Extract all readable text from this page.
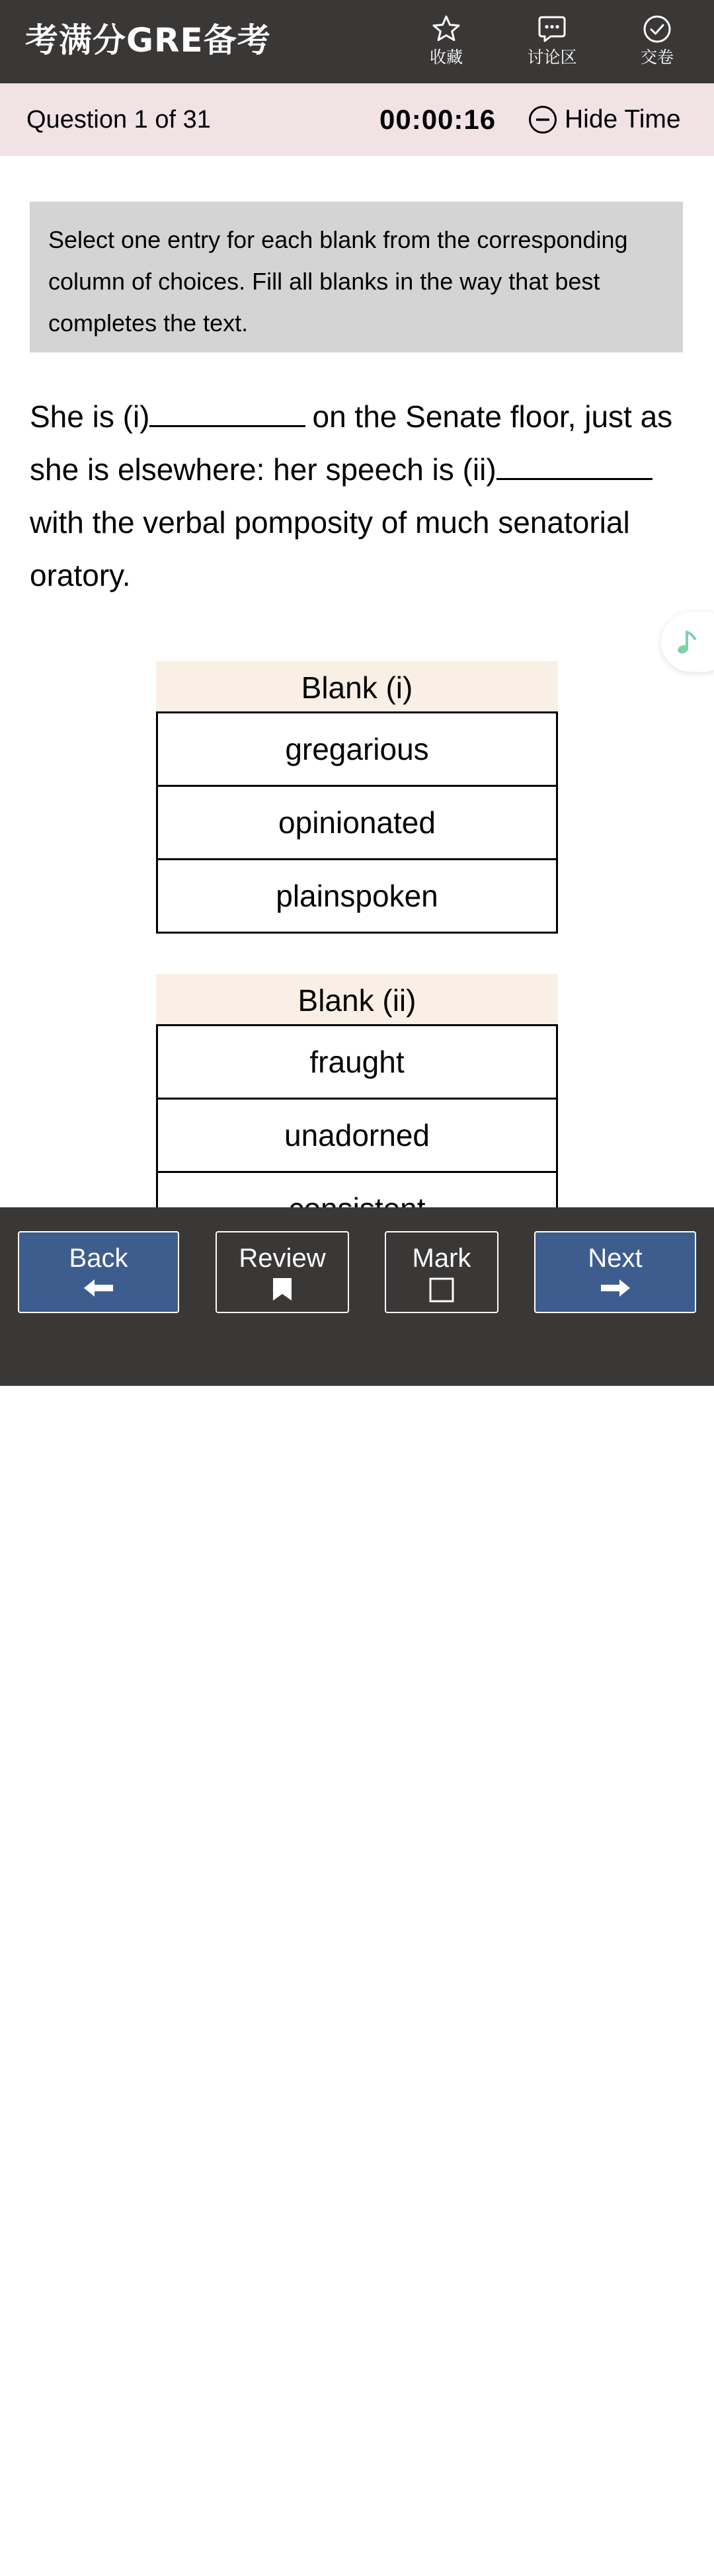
考满分GRE备考	收藏	讨论区	交卷
Question 1 of 31	00:00:16	Hide Time
Select one entry for each blank from the corresponding column of choices. Fill all blanks in the way that best completes the text.
She is (i)	on the Senate floor, just as she is elsewhere: her speech is (ii)with the verbal pomposity of much senatorial oratory.
Blank (i)
gregarious
opinionated
plainspoken
Blank (ii)
fraught
unadorned
Back	Review	Mark	Next
